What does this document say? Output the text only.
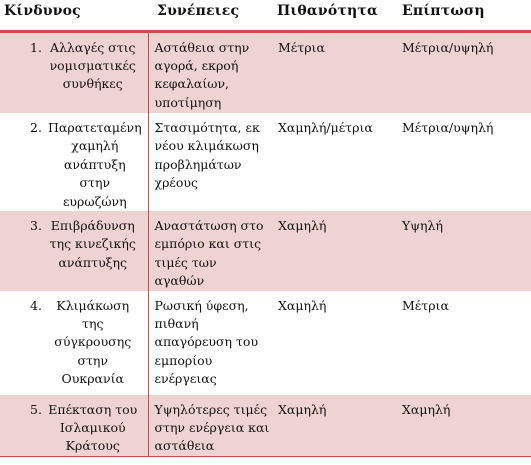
Κίνδυνος	Συνέπειες	Πιθανότητα	Επίπτωση

1. Αλλαγές στις νομισματικές συνθήκες	Αστάθεια στην αγορά, εκροή κεφαλαίων, υποτίμηση	Μέτρια	Μέτρια/υψηλή

2. Παρατεταμένη χαμηλή ανάπτυξη στην ευρωζώνη	Στασιμότητα, εκ νέου κλιμάκωση προβλημάτων χρέους	Χαμηλή/μέτρια	Μέτρια/υψηλή

3. Επιβράδυνση της κινεζικής ανάπτυξης	Αναστάτωση στο εμπόριο και στις τιμές των αγαθών	Χαμηλή	Υψηλή

4. Κλιμάκωση της σύγκρουσης στην Ουκρανία	Ρωσική ύφεση, πιθανή απαγόρευση του εμπορίου ενέργειας	Χαμηλή	Μέτρια

5. Επέκταση του Ισλαμικού Κράτους	Υψηλότερες τιμές στην ενέργεια και αστάθεια	Χαμηλή	Χαμηλή
